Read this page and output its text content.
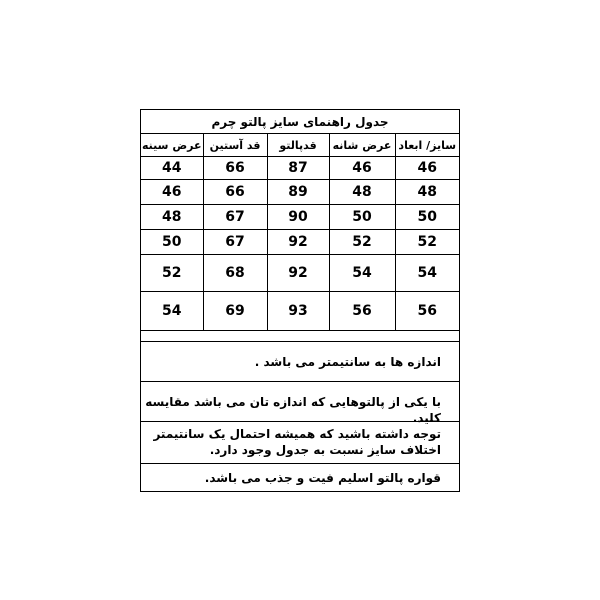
جدول راهنمای سایز پالتو چرم
سایز/ ابعاد	عرض شانه	قدپالتو	قد آستین	عرض سینه
46	46	87	66	44
48	48	89	66	46
50	50	90	67	48
52	52	92	67	50
54	54	92	68	52
56	56	93	69	54
اندازه ها به سانتیمتر می باشد .
با یکی از پالتوهایی که اندازه تان می باشد مقایسه کلید.
توجه داشته باشید که همیشه احتمال یک سانتیمتر
اختلاف سایز نسبت به جدول وجود دارد.
قواره پالتو اسلیم فیت و جذب می باشد.
